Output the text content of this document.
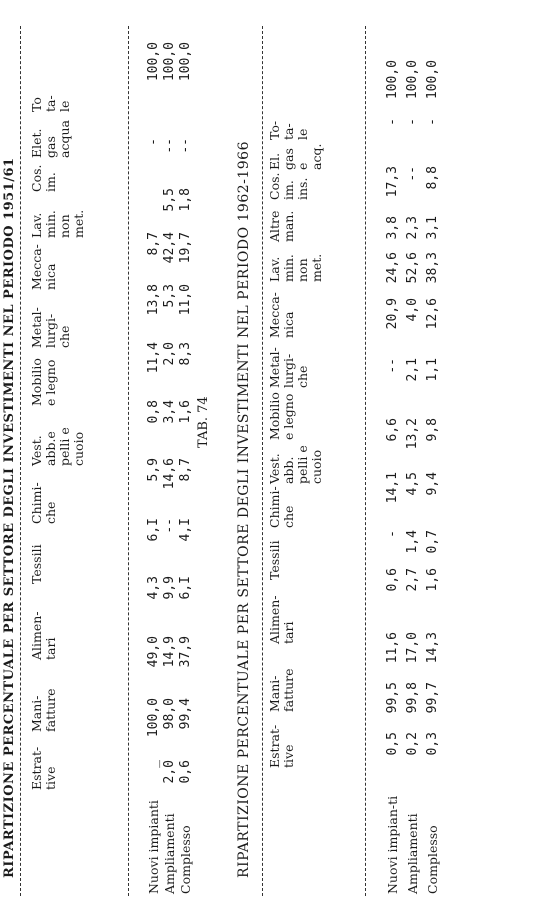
RIPARTIZIONE PERCENTUALE PER SETTORE DEGLI INVESTIMENTI NEL PERIODO 1951/61	TAB. 74 RIPARTIZIONE PERCENTUALE PER SETTORE DEGLI INVESTIMENTI NEL PERIODO 1962-1966
Estrat- tive
Mani- fatture
Alimen- tari
Tessili
Chimi- che
Vest. abb.e pelli e cuoio
Mobilio e legno
Metal- lurgi- che
Mecca- nica
Lav. min. non met.
Cos. im.
Elet. gas acqua
To ta- le
Nuovi impianti
_
100,0
49,0
4,3
6,I
5,9
0,8
11,4
13,8
8,7
-
100,0
Ampliamenti
2,0
98,0
14,9
9,9
--
14,6
3,4
2,0
5,3
42,4
5,5
--
100,0
Complesso
0,6
99,4
37,9
6,I
4,I
8,7
1,6
8,3
11,0
19,7
1,8
--
100,0
Estrat- tive
Mani- fatture
Alimen- tari
Tessili
Chimi- che
Vest. abb. pelli e cuoio
Mobilio e legno
Metal- lurgi- che
Mecca- nica
Lav. min. non met.
Altre man.
Cos. im. ins.
El. gas e acq.
To- ta- le
Nuovi impian-ti
0,5
99,5
11,6
0,6
-
14,1
6,6
--
20,9
24,6
3,8
17,3
-
100,0
Ampliamenti
0,2
99,8
17,0
2,7
1,4
4,5
13,2
2,1
4,0
52,6
2,3
--
-
100,0
Complesso
0,3
99,7
14,3
1,6
0,7
9,4
9,8
1,1
12,6
38,3
3,1
8,8
-
100,0
